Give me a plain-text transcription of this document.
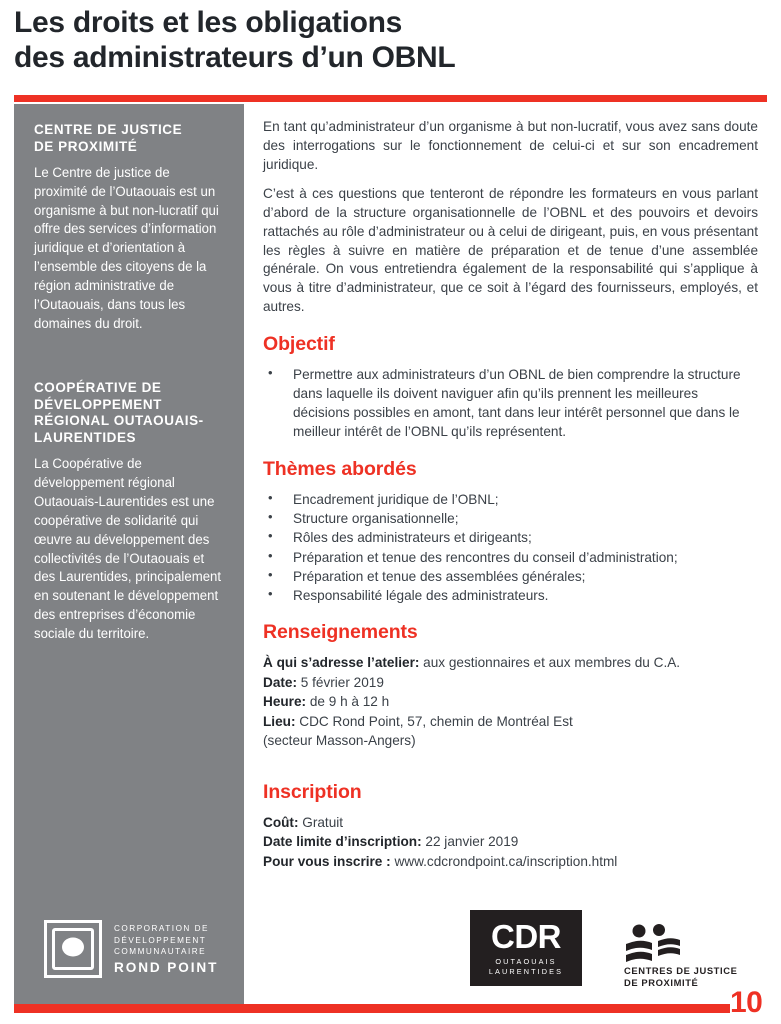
Les droits et les obligations
des administrateurs d’un OBNL
CENTRE DE JUSTICE
DE PROXIMITÉ

Le Centre de justice de proximité de l’Outaouais est un organisme à but non-lucratif qui offre des services d’information juridique et d’orientation à l’ensemble des citoyens de la région administrative de l’Outaouais, dans tous les domaines du droit.

COOPÉRATIVE DE
DÉVELOPPEMENT
RÉGIONAL OUTAOUAIS-
LAURENTIDES

La Coopérative de développement régional Outaouais-Laurentides est une coopérative de solidarité qui œuvre au développement des collectivités de l’Outaouais et des Laurentides, principalement en soutenant le développement des entreprises d’économie sociale du territoire.

En tant qu’administrateur d’un organisme à but non-lucratif, vous avez sans doute des interrogations sur le fonctionnement de celui-ci et sur son encadrement juridique.

C’est à ces questions que tenteront de répondre les formateurs en vous parlant d’abord de la structure organisationnelle de l’OBNL et des pouvoirs et devoirs rattachés au rôle d’administrateur ou à celui de dirigeant, puis, en vous présentant les règles à suivre en matière de préparation et de tenue d’une assemblée générale. On vous entretiendra également de la responsabilité qui s’applique à vous à titre d’administrateur, que ce soit à l’égard des fournisseurs, employés, et autres.

Objectif
• Permettre aux administrateurs d’un OBNL de bien comprendre la structure dans laquelle ils doivent naviguer afin qu’ils prennent les meilleures décisions possibles en amont, tant dans leur intérêt personnel que dans le meilleur intérêt de l’OBNL qu’ils représentent.
Thèmes abordés
• Encadrement juridique de l’OBNL;
• Structure organisationnelle;
• Rôles des administrateurs et dirigeants;
• Préparation et tenue des rencontres du conseil d’administration;
• Préparation et tenue des assemblées générales;
• Responsabilité légale des administrateurs.
Renseignements

À qui s’adresse l’atelier: aux gestionnaires et aux membres du C.A.

Date: 5 février 2019

Heure: de 9 h à 12 h

Lieu: CDC Rond Point, 57, chemin de Montréal Est

(secteur Masson-Angers)

Inscription

Coût: Gratuit

Date limite d’inscription: 22 janvier 2019

Pour vous inscrire : www.cdcrondpoint.ca/inscription.html

CORPORATION DE
DÉVELOPPEMENT
COMMUNAUTAIRE
ROND POINT
CDR
OUTAOUAIS
LAURENTIDES	CENTRES DE JUSTICE
DE PROXIMITÉ
10
